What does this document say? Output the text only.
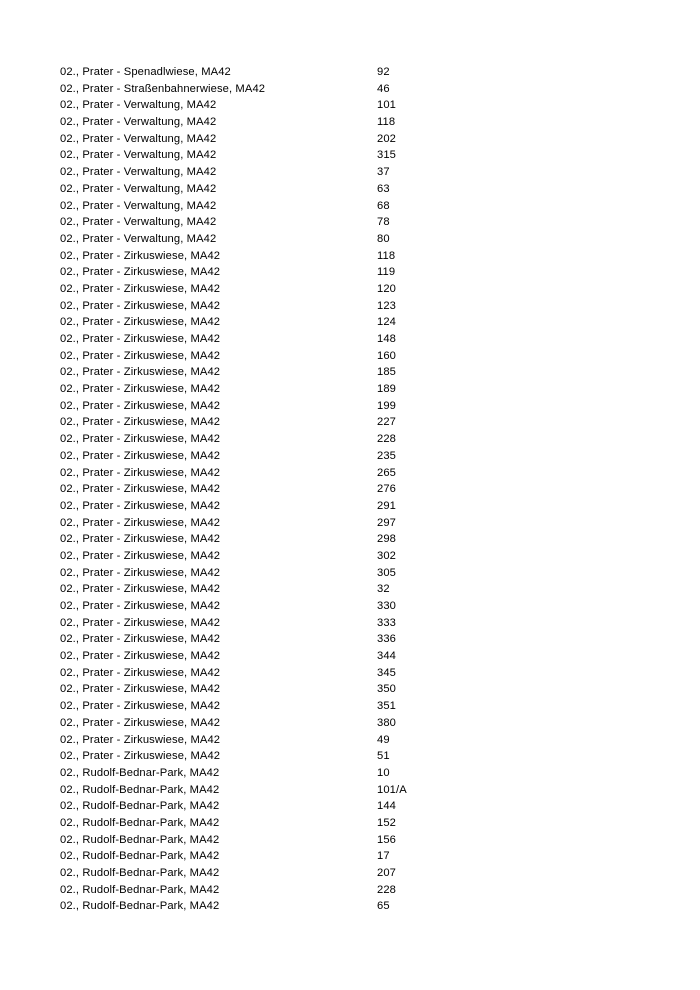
02., Prater - Spenadlwiese, MA42	92
02., Prater - Straßenbahnerwiese, MA42	46
02., Prater - Verwaltung, MA42	101
02., Prater - Verwaltung, MA42	118
02., Prater - Verwaltung, MA42	202
02., Prater - Verwaltung, MA42	315
02., Prater - Verwaltung, MA42	37
02., Prater - Verwaltung, MA42	63
02., Prater - Verwaltung, MA42	68
02., Prater - Verwaltung, MA42	78
02., Prater - Verwaltung, MA42	80
02., Prater - Zirkuswiese, MA42	118
02., Prater - Zirkuswiese, MA42	119
02., Prater - Zirkuswiese, MA42	120
02., Prater - Zirkuswiese, MA42	123
02., Prater - Zirkuswiese, MA42	124
02., Prater - Zirkuswiese, MA42	148
02., Prater - Zirkuswiese, MA42	160
02., Prater - Zirkuswiese, MA42	185
02., Prater - Zirkuswiese, MA42	189
02., Prater - Zirkuswiese, MA42	199
02., Prater - Zirkuswiese, MA42	227
02., Prater - Zirkuswiese, MA42	228
02., Prater - Zirkuswiese, MA42	235
02., Prater - Zirkuswiese, MA42	265
02., Prater - Zirkuswiese, MA42	276
02., Prater - Zirkuswiese, MA42	291
02., Prater - Zirkuswiese, MA42	297
02., Prater - Zirkuswiese, MA42	298
02., Prater - Zirkuswiese, MA42	302
02., Prater - Zirkuswiese, MA42	305
02., Prater - Zirkuswiese, MA42	32
02., Prater - Zirkuswiese, MA42	330
02., Prater - Zirkuswiese, MA42	333
02., Prater - Zirkuswiese, MA42	336
02., Prater - Zirkuswiese, MA42	344
02., Prater - Zirkuswiese, MA42	345
02., Prater - Zirkuswiese, MA42	350
02., Prater - Zirkuswiese, MA42	351
02., Prater - Zirkuswiese, MA42	380
02., Prater - Zirkuswiese, MA42	49
02., Prater - Zirkuswiese, MA42	51
02., Rudolf-Bednar-Park, MA42	10
02., Rudolf-Bednar-Park, MA42	101/A
02., Rudolf-Bednar-Park, MA42	144
02., Rudolf-Bednar-Park, MA42	152
02., Rudolf-Bednar-Park, MA42	156
02., Rudolf-Bednar-Park, MA42	17
02., Rudolf-Bednar-Park, MA42	207
02., Rudolf-Bednar-Park, MA42	228
02., Rudolf-Bednar-Park, MA42	65
